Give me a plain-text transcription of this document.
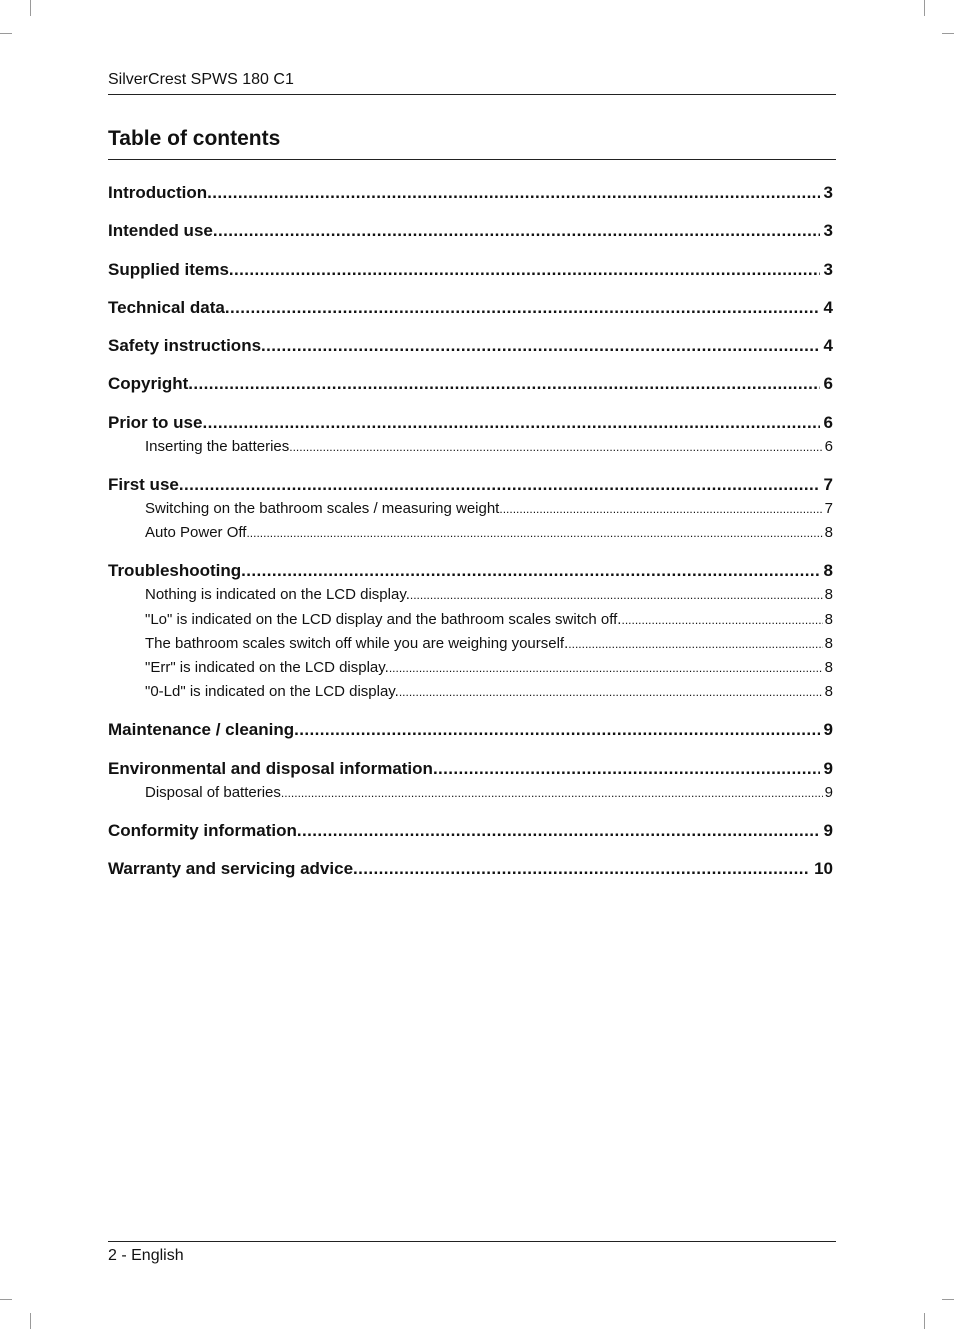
SilverCrest SPWS 180 C1
Table of contents
Introduction .....	3
Intended use .....	3
Supplied items .....	3
Technical data .....	4
Safety instructions .....	4
Copyright .....	6
Prior to use .....	6
Inserting the batteries .....	6
First use .....	7
Switching on the bathroom scales / measuring weight .....	7
Auto Power Off .....	8
Troubleshooting .....	8
Nothing is indicated on the LCD display. .....	8
"Lo" is indicated on the LCD display and the bathroom scales switch off. .....	8
The bathroom scales switch off while you are weighing yourself. .....	8
"Err" is indicated on the LCD display. .....	8
"0-Ld" is indicated on the LCD display. .....	8
Maintenance / cleaning .....	9
Environmental and disposal information .....	9
Disposal of batteries .....	9
Conformity information .....	9
Warranty and servicing advice .....	10
2 - English
